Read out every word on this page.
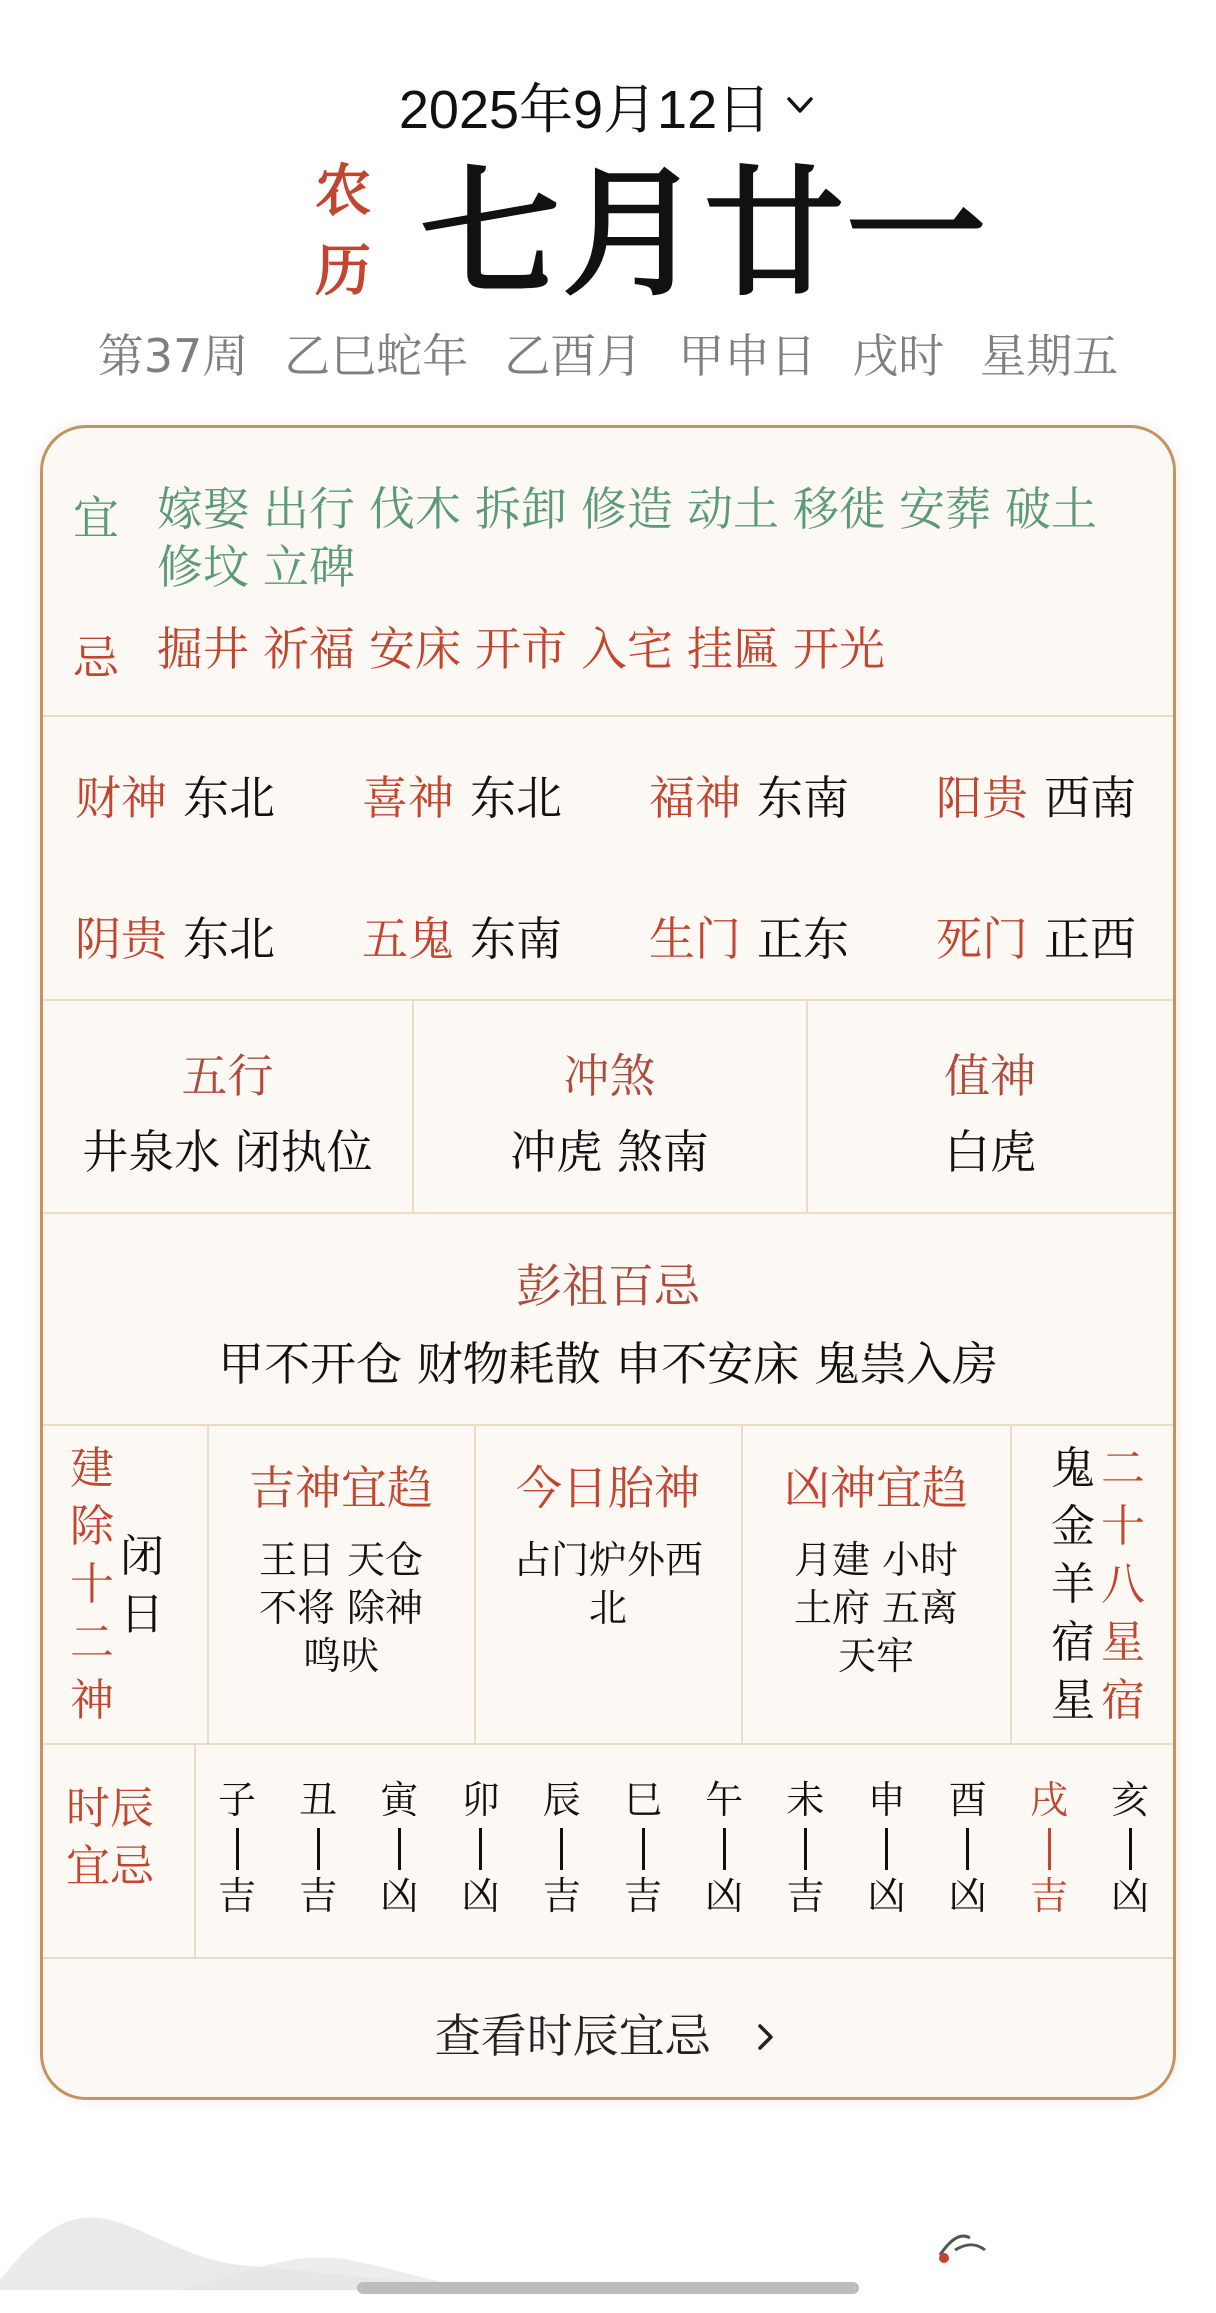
2025年9月12日
农
历 七月廿一
第37周 乙巳蛇年 乙酉月 甲申日 戌时 星期五
宜 嫁娶 出行 伐木 拆卸 修造 动土 移徙 安葬 破土修坟 立碑
忌 掘井 祈福 安床 开市 入宅 挂匾 开光
财神 东北 喜神 东北 福神 东南 阳贵 西南
阴贵 东北 五鬼 东南 生门 正东 死门 正西
五行
井泉水 闭执位
冲煞
冲虎 煞南
值神
白虎
彭祖百忌
甲不开仓 财物耗散 申不安床 鬼祟入房
建
除
十
二
神
闭
日
吉神宜趋
王日 天仓
不将 除神
鸣吠
今日胎神
占门炉外西
北
凶神宜趋
月建 小时
土府 五离
天牢
鬼
金
羊
宿
星
二
十
八
星
宿
时辰
宜忌
子
吉
丑
吉
寅
凶
卯
凶
辰
吉
巳
吉
午
凶
未
吉
申
凶
酉
凶
戌
吉
亥
凶
查看时辰宜忌
